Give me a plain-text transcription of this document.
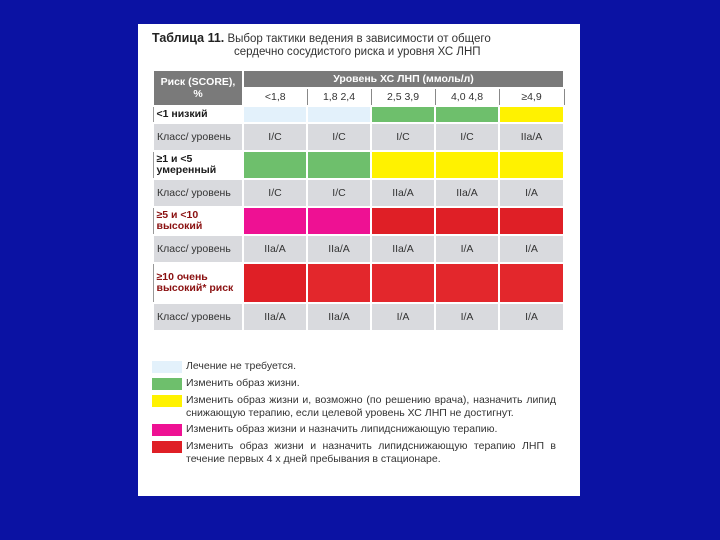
Таблица 11. Выбор тактики ведения в зависимости от общего
сердечно сосудистого риска и уровня ХС ЛНП
Риск (SCORE), %	Уровень ХС ЛНП (ммоль/л)				
	<1,8	1,8 2,4	2,5 3,9	4,0 4,8	≥4,9
<1 низкий					
Класс/ уровень	I/C	I/C	I/C	I/C	IIa/A
≥1 и <5 умеренный					
Класс/ уровень	I/C	I/C	IIa/A	IIa/A	I/A
≥5 и <10 высокий					
Класс/ уровень	IIa/A	IIa/A	IIa/A	I/A	I/A
≥10 очень высокий* риск					
Класс/ уровень	IIa/A	IIa/A	I/A	I/A	I/A
Лечение не требуется.
Изменить образ жизни.
Изменить образ жизни и, возможно (по решению врача), назначить липид снижающую терапию, если целевой уровень ХС ЛНП не достигнут.
Изменить образ жизни и назначить липидснижающую терапию.
Изменить образ жизни и назначить липидснижающую терапию ЛНП в течение первых 4 х дней пребывания в стационаре.
